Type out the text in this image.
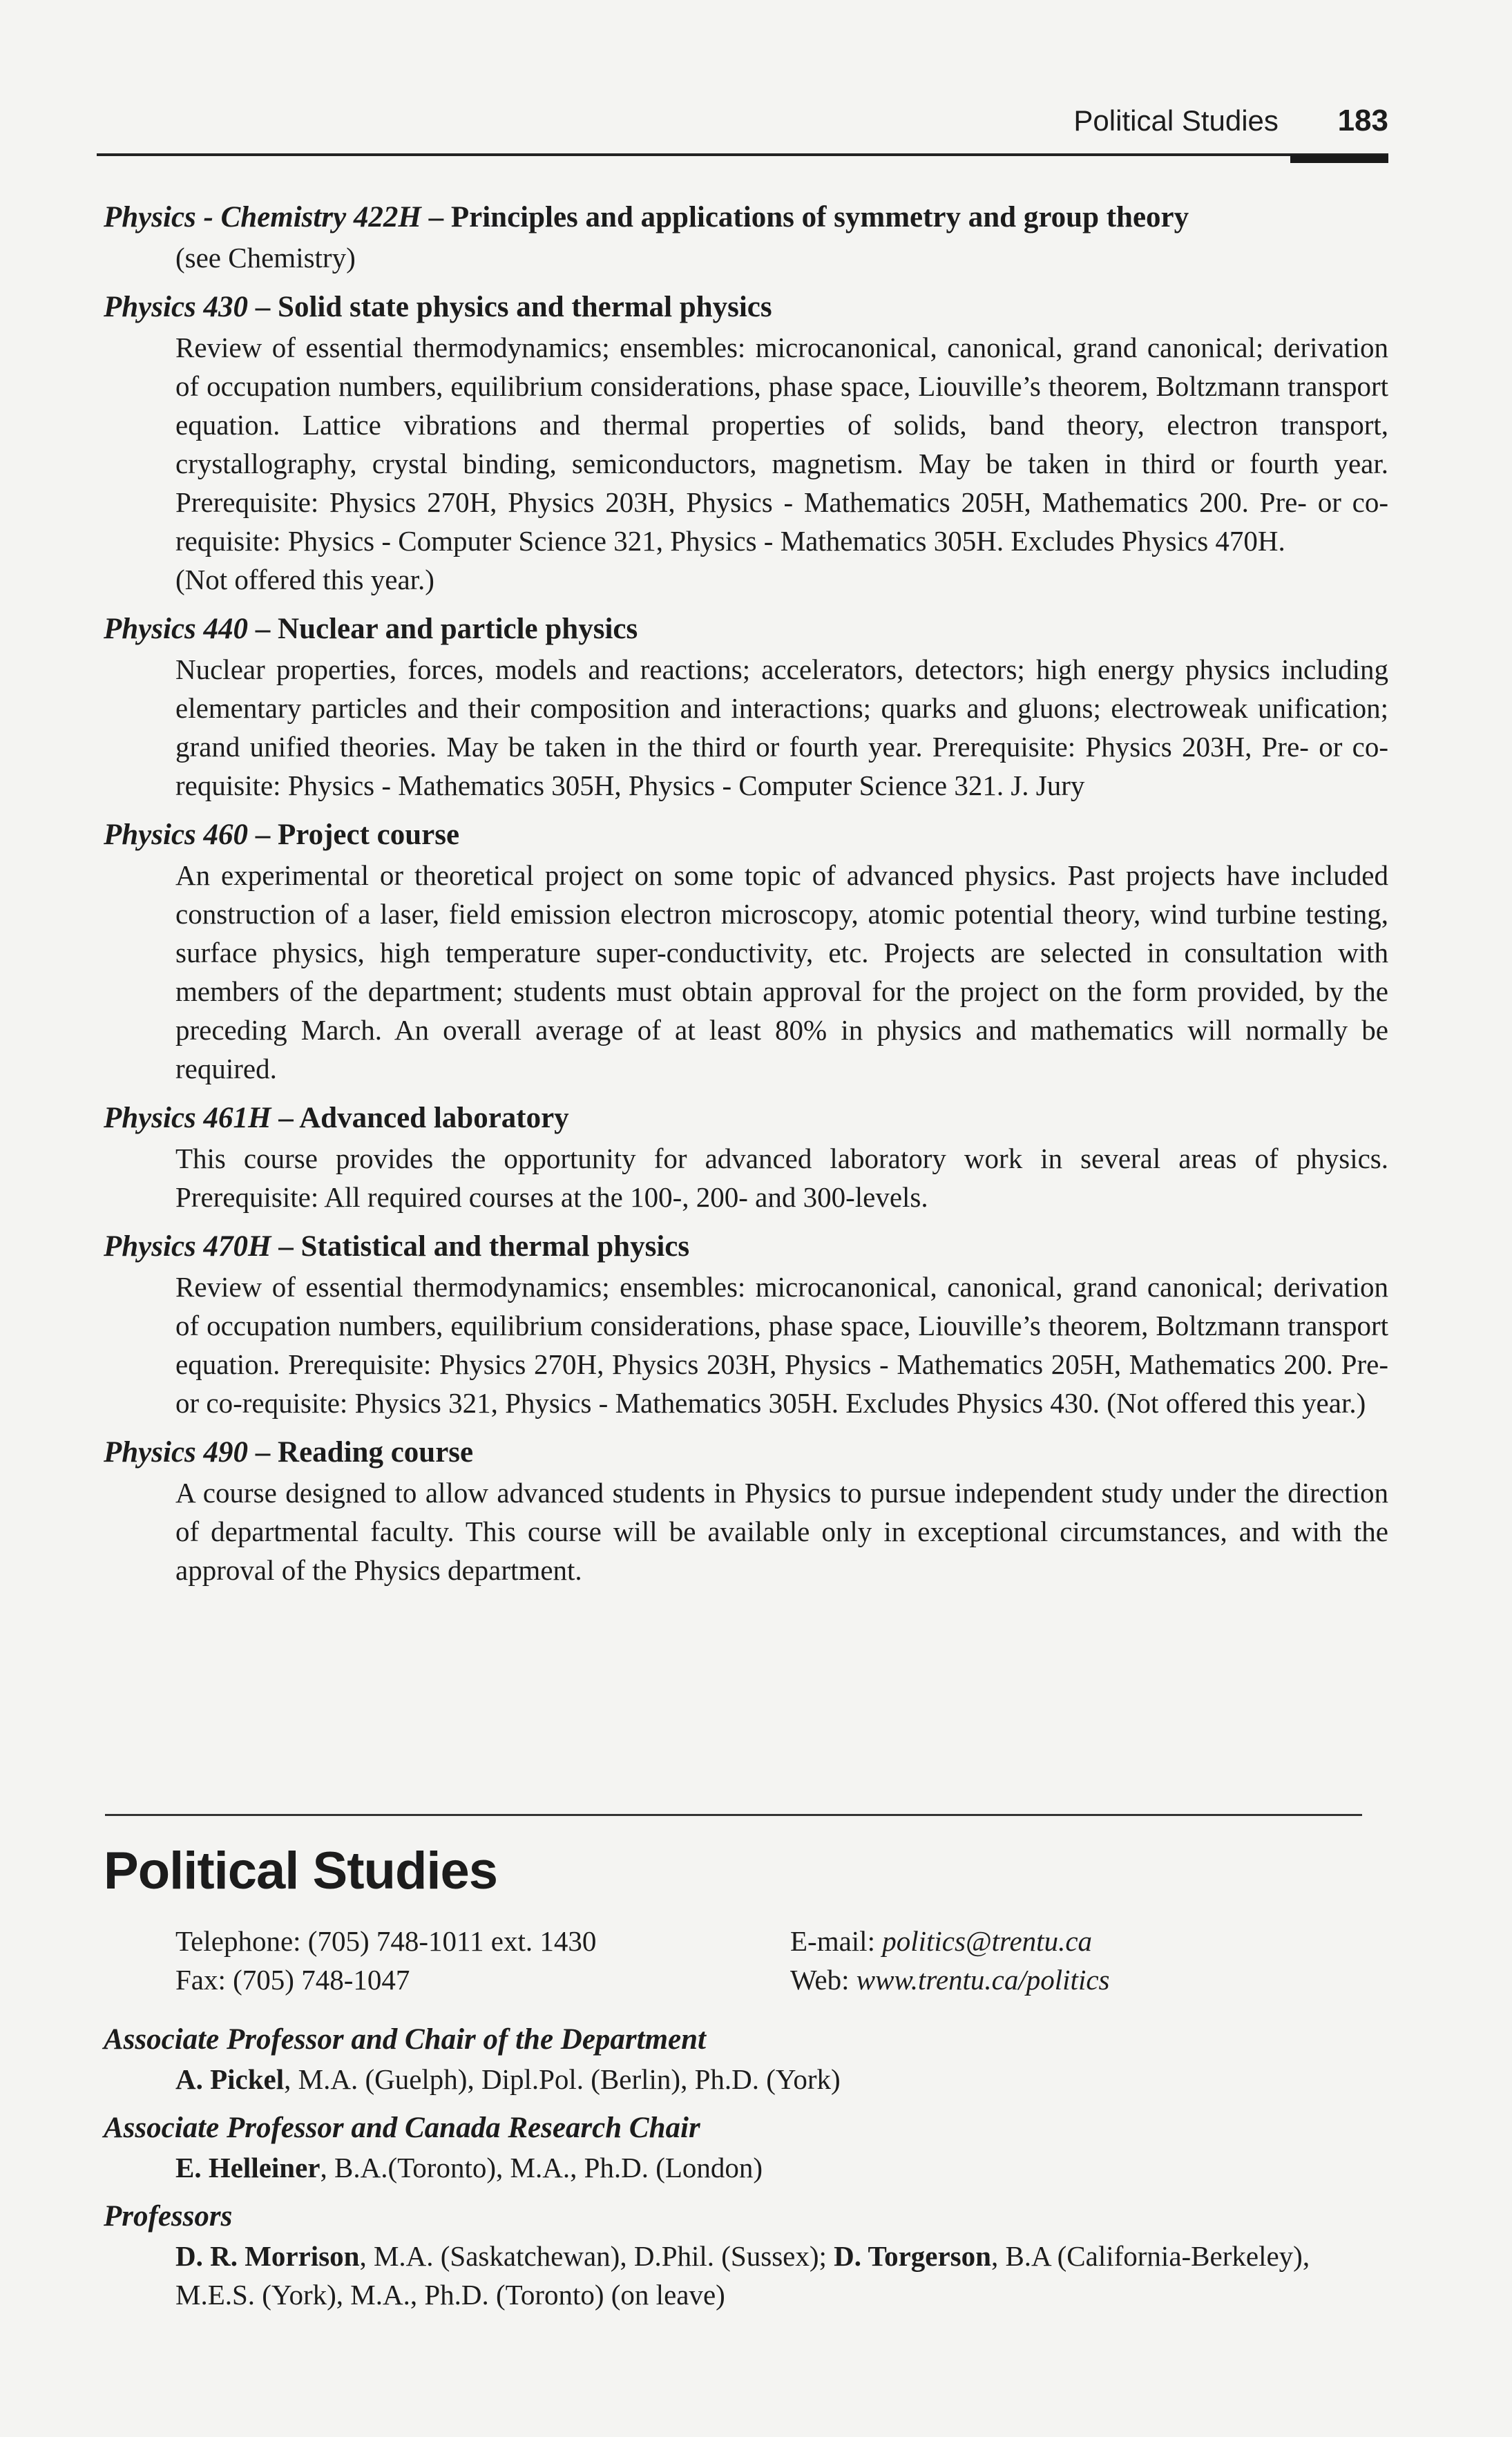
Political Studies 183
Physics - Chemistry 422H – Principles and applications of symmetry and group theory
(see Chemistry)
Physics 430 – Solid state physics and thermal physics
Review of essential thermodynamics; ensembles: microcanonical, canonical, grand canonical; derivation of occupation numbers, equilibrium considerations, phase space, Liouville’s theorem, Boltzmann transport equation. Lattice vibrations and thermal properties of solids, band theory, electron transport, crystallography, crystal binding, semiconductors, magnetism. May be taken in third or fourth year. Prerequisite: Physics 270H, Physics 203H, Physics - Mathematics 205H, Mathematics 200. Pre- or co-requisite: Physics - Computer Science 321, Physics - Mathematics 305H. Excludes Physics 470H.
(Not offered this year.)
Physics 440 – Nuclear and particle physics
Nuclear properties, forces, models and reactions; accelerators, detectors; high energy physics including elementary particles and their composition and interactions; quarks and gluons; electroweak unification; grand unified theories. May be taken in the third or fourth year. Prerequisite: Physics 203H, Pre- or co-requisite: Physics - Mathematics 305H, Physics - Computer Science 321. J. Jury
Physics 460 – Project course
An experimental or theoretical project on some topic of advanced physics. Past projects have included construction of a laser, field emission electron microscopy, atomic potential theory, wind turbine testing, surface physics, high temperature super-conductivity, etc. Projects are selected in consultation with members of the department; students must obtain approval for the project on the form provided, by the preceding March. An overall average of at least 80% in physics and mathematics will normally be required.
Physics 461H – Advanced laboratory
This course provides the opportunity for advanced laboratory work in several areas of physics. Prerequisite: All required courses at the 100-, 200- and 300-levels.
Physics 470H – Statistical and thermal physics
Review of essential thermodynamics; ensembles: microcanonical, canonical, grand canonical; derivation of occupation numbers, equilibrium considerations, phase space, Liouville’s theorem, Boltzmann transport equation. Prerequisite: Physics 270H, Physics 203H, Physics - Mathematics 205H, Mathematics 200. Pre- or co-requisite: Physics 321, Physics - Mathematics 305H. Excludes Physics 430. (Not offered this year.)
Physics 490 – Reading course
A course designed to allow advanced students in Physics to pursue independent study under the direction of departmental faculty. This course will be available only in exceptional circumstances, and with the approval of the Physics department.
Political Studies
Telephone: (705) 748-1011 ext. 1430	E-mail: politics@trentu.ca
Fax: (705) 748-1047	Web: www.trentu.ca/politics
Associate Professor and Chair of the Department
A. Pickel, M.A. (Guelph), Dipl.Pol. (Berlin), Ph.D. (York)
Associate Professor and Canada Research Chair
E. Helleiner, B.A.(Toronto), M.A., Ph.D. (London)
Professors
D. R. Morrison, M.A. (Saskatchewan), D.Phil. (Sussex); D. Torgerson, B.A (California-Berkeley), M.E.S. (York), M.A., Ph.D. (Toronto) (on leave)
